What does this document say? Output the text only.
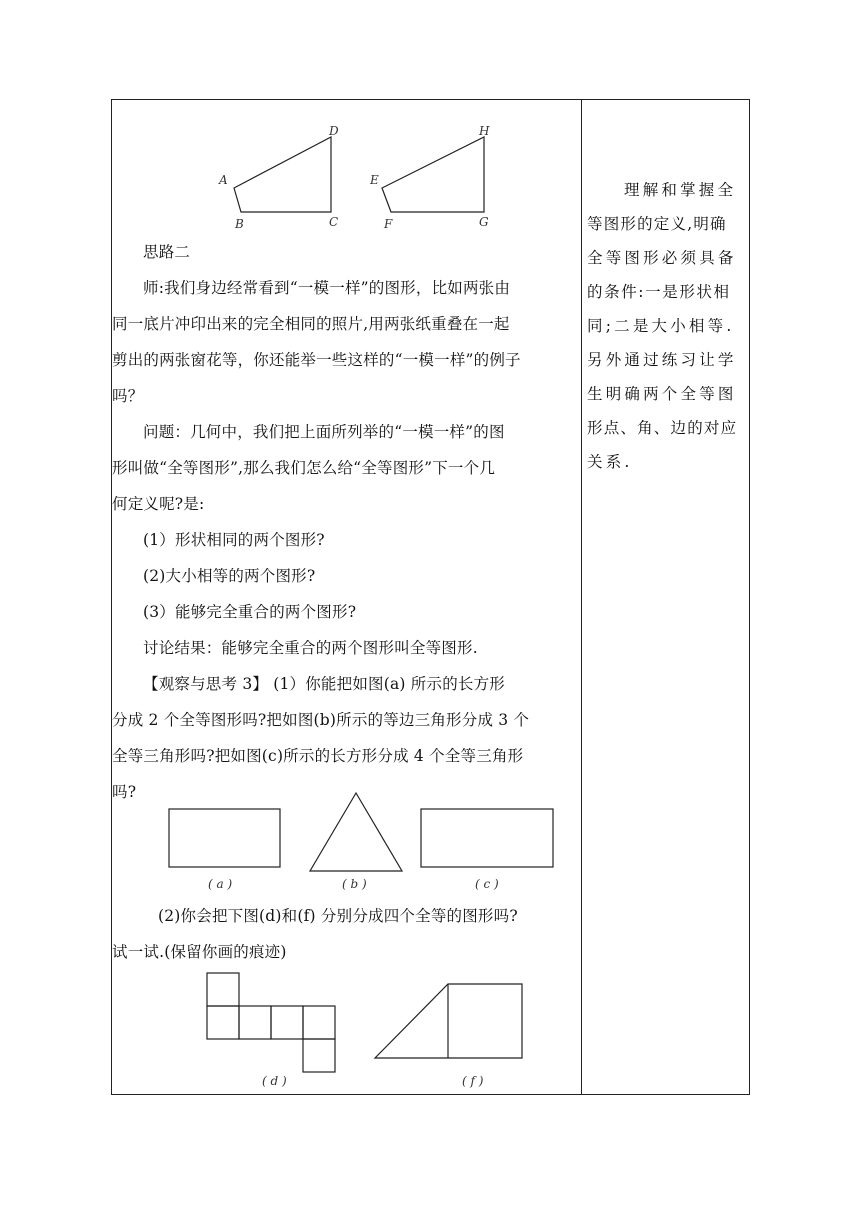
A
B	C
D
E
F	G
H
思路二
师:我们身边经常看到“一模一样”的图形，比如两张由
同一底片冲印出来的完全相同的照片,用两张纸重叠在一起
剪出的两张窗花等，你还能举一些这样的“一模一样”的例子
吗？
问题：几何中，我们把上面所列举的“一模一样”的图
形叫做“全等图形”,那么我们怎么给“全等图形”下一个几
何定义呢?是:
(1）形状相同的两个图形?
(2)大小相等的两个图形?
(3）能够完全重合的两个图形?
讨论结果：能够完全重合的两个图形叫全等图形.
【观察与思考 3】 (1）你能把如图(a) 所示的长方形
分成 2 个全等图形吗?把如图(b)所示的等边三角形分成 3 个
全等三角形吗?把如图(c)所示的长方形分成 4 个全等三角形
吗?
( a )	( b )	( c )
(2)你会把下图(d)和(f) 分别分成四个全等的图形吗?
试一试.(保留你画的痕迹)
( d )	( f )
理解和掌握全
等图形的定义,明确
全等图形必须具备
的条件:一是形状相
同;二是大小相等.
另外通过练习让学
生明确两个全等图
形点、角、边的对应
关系.
